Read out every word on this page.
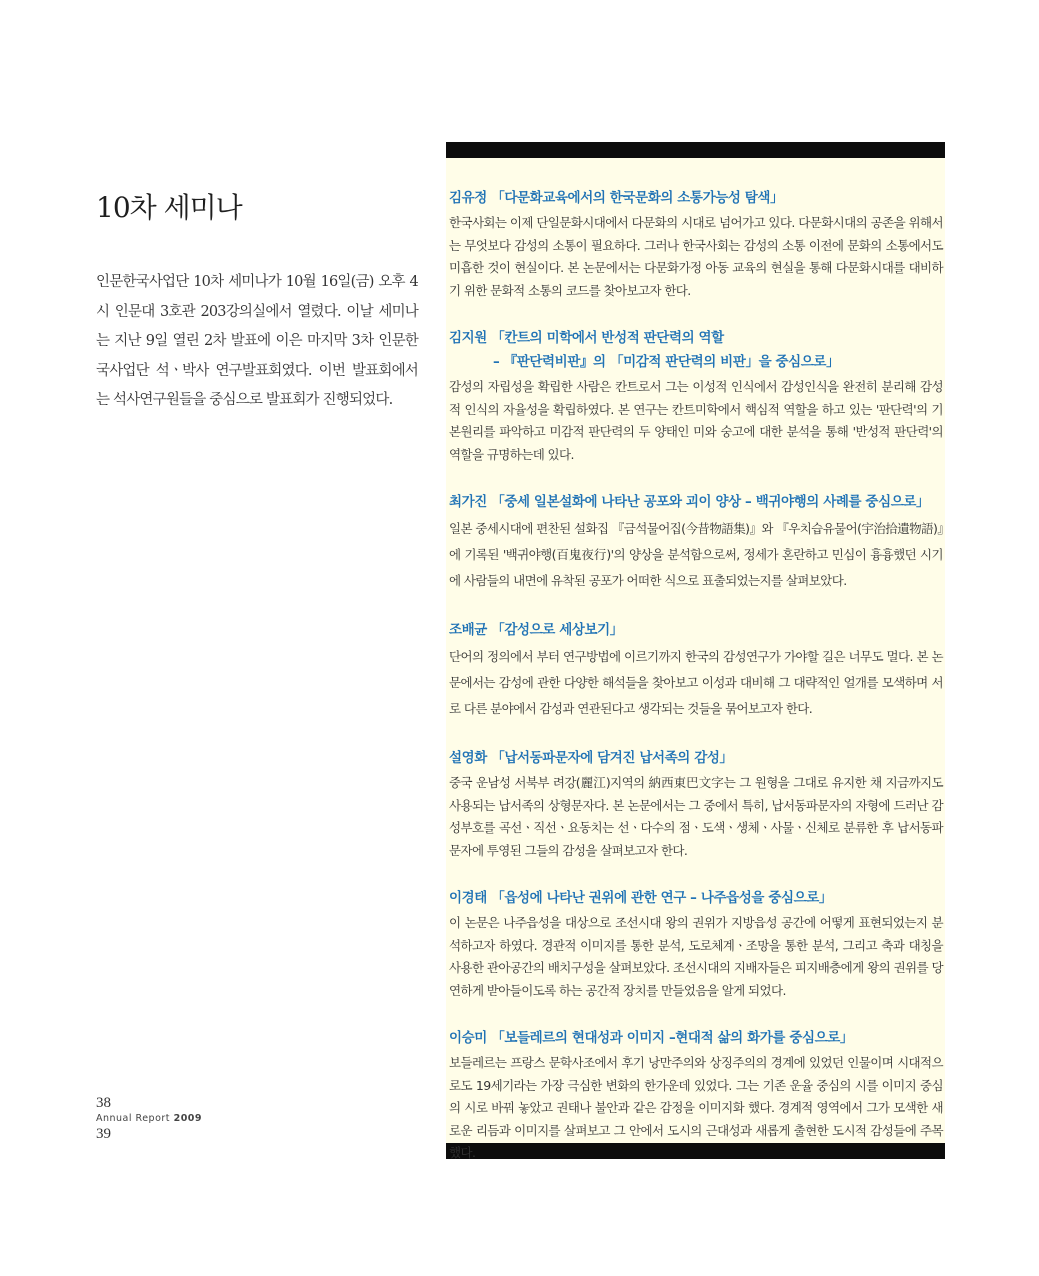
10차 세미나

인문한국사업단 10차 세미나가 10월 16일(금) 오후 4시 인문대 3호관 203강의실에서 열렸다. 이날 세미나는 지난 9일 열린 2차 발표에 이은 마지막 3차 인문한국사업단 석ㆍ박사 연구발표회였다. 이번 발표회에서는 석사연구원들을 중심으로 발표회가 진행되었다.

38
Annual Report 2009
39

김유정 「다문화교육에서의 한국문화의 소통가능성 탐색」

한국사회는 이제 단일문화시대에서 다문화의 시대로 넘어가고 있다. 다문화시대의 공존을 위해서는 무엇보다 감성의 소통이 필요하다. 그러나 한국사회는 감성의 소통 이전에 문화의 소통에서도 미흡한 것이 현실이다. 본 논문에서는 다문화가정 아동 교육의 현실을 통해 다문화시대를 대비하기 위한 문화적 소통의 코드를 찾아보고자 한다.

김지원 「칸트의 미학에서 반성적 판단력의 역할

– 『판단력비판』의 「미감적 판단력의 비판」을 중심으로」

감성의 자립성을 확립한 사람은 칸트로서 그는 이성적 인식에서 감성인식을 완전히 분리해 감성적 인식의 자율성을 확립하였다. 본 연구는 칸트미학에서 핵심적 역할을 하고 있는 '판단력'의 기본원리를 파악하고 미감적 판단력의 두 양태인 미와 숭고에 대한 분석을 통해 '반성적 판단력'의 역할을 규명하는데 있다.

최가진 「중세 일본설화에 나타난 공포와 괴이 양상 – 백귀야행의 사례를 중심으로」

일본 중세시대에 편찬된 설화집 『금석물어집(今昔物語集)』와 『우치습유물어(宇治拾遺物語)』에 기록된 '백귀야행(百鬼夜行)'의 양상을 분석함으로써, 정세가 혼란하고 민심이 흉흉했던 시기에 사람들의 내면에 유착된 공포가 어떠한 식으로 표출되었는지를 살펴보았다.

조배균 「감성으로 세상보기」

단어의 정의에서 부터 연구방법에 이르기까지 한국의 감성연구가 가야할 길은 너무도 멀다. 본 논문에서는 감성에 관한 다양한 해석들을 찾아보고 이성과 대비해 그 대략적인 얼개를 모색하며 서로 다른 분야에서 감성과 연관된다고 생각되는 것들을 묶어보고자 한다.

설영화 「납서동파문자에 담겨진 납서족의 감성」

중국 운남성 서북부 려강(麗江)지역의 納西東巴文字는 그 원형을 그대로 유지한 채 지금까지도 사용되는 납서족의 상형문자다. 본 논문에서는 그 중에서 특히, 납서동파문자의 자형에 드러난 감성부호를 곡선ㆍ직선ㆍ요동치는 선ㆍ다수의 점ㆍ도색ㆍ생체ㆍ사물ㆍ신체로 분류한 후 납서동파문자에 투영된 그들의 감성을 살펴보고자 한다.

이경태 「읍성에 나타난 권위에 관한 연구 – 나주읍성을 중심으로」

이 논문은 나주읍성을 대상으로 조선시대 왕의 권위가 지방읍성 공간에 어떻게 표현되었는지 분석하고자 하였다. 경관적 이미지를 통한 분석, 도로체계ㆍ조망을 통한 분석, 그리고 축과 대칭을 사용한 관아공간의 배치구성을 살펴보았다. 조선시대의 지배자들은 피지배층에게 왕의 권위를 당연하게 받아들이도록 하는 공간적 장치를 만들었음을 알게 되었다.

이승미 「보들레르의 현대성과 이미지 –현대적 삶의 화가를 중심으로」

보들레르는 프랑스 문학사조에서 후기 낭만주의와 상징주의의 경계에 있었던 인물이며 시대적으로도 19세기라는 가장 극심한 변화의 한가운데 있었다. 그는 기존 운율 중심의 시를 이미지 중심의 시로 바꿔 놓았고 권태나 불안과 같은 감정을 이미지화 했다. 경계적 영역에서 그가 모색한 새로운 리듬과 이미지를 살펴보고 그 안에서 도시의 근대성과 새롭게 출현한 도시적 감성들에 주목했다.
